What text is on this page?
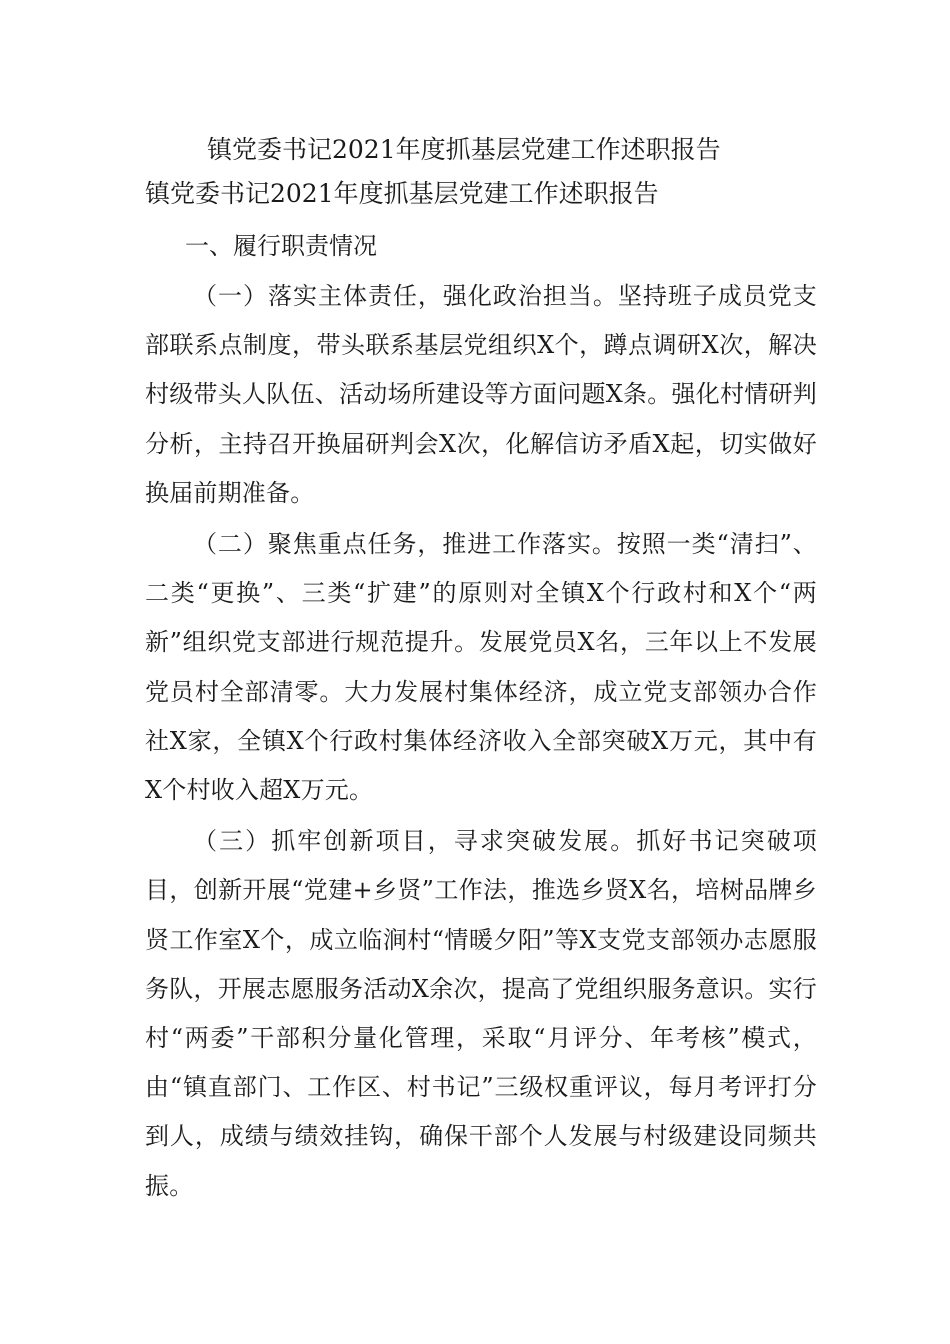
镇党委书记2021年度抓基层党建工作述职报告
镇党委书记2021年度抓基层党建工作述职报告
一、履行职责情况

（一）落实主体责任，强化政治担当。坚持班子成员党支部联系点制度，带头联系基层党组织X个，蹲点调研X次，解决村级带头人队伍、活动场所建设等方面问题X条。强化村情研判分析，主持召开换届研判会X次，化解信访矛盾X起，切实做好换届前期准备。

（二）聚焦重点任务，推进工作落实。按照一类“清扫”、二类“更换”、三类“扩建”的原则对全镇X个行政村和X个“两新”组织党支部进行规范提升。发展党员X名，三年以上不发展党员村全部清零。大力发展村集体经济，成立党支部领办合作社X家，全镇X个行政村集体经济收入全部突破X万元，其中有X个村收入超X万元。

（三）抓牢创新项目，寻求突破发展。抓好书记突破项目，创新开展“党建+乡贤”工作法，推选乡贤X名，培树品牌乡贤工作室X个，成立临涧村“情暖夕阳”等X支党支部领办志愿服务队，开展志愿服务活动X余次，提高了党组织服务意识。实行村“两委”干部积分量化管理，采取“月评分、年考核”模式，由“镇直部门、工作区、村书记”三级权重评议，每月考评打分到人，成绩与绩效挂钩，确保干部个人发展与村级建设同频共振。
